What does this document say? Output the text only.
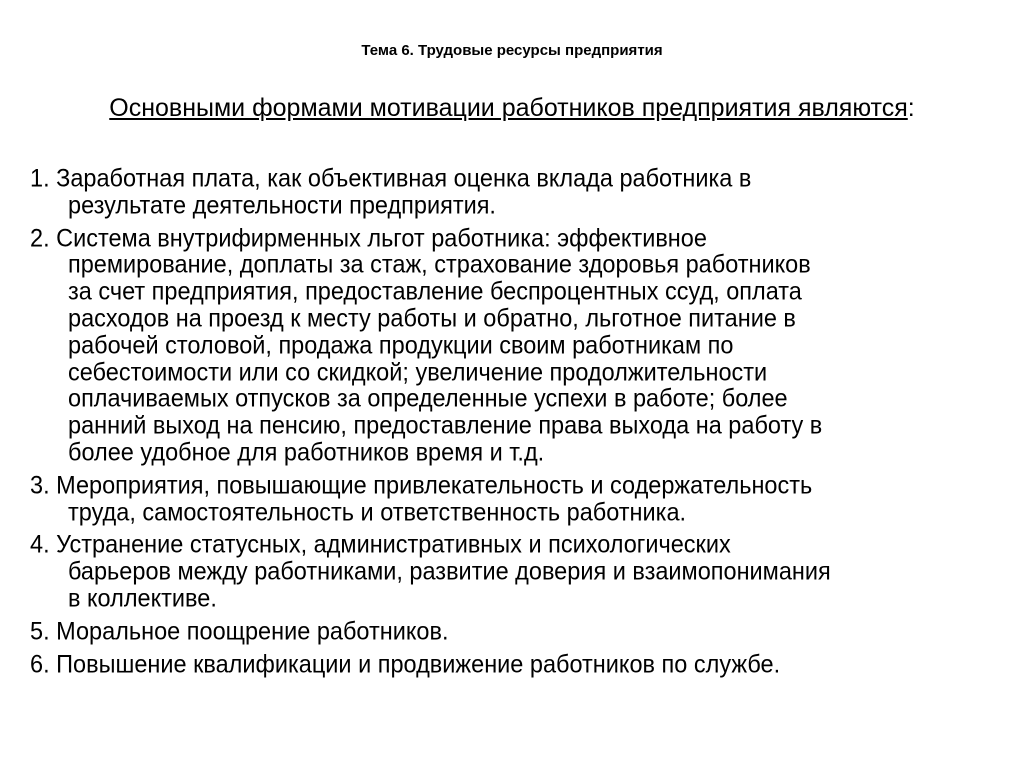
Тема 6. Трудовые ресурсы предприятия
Основными формами мотивации работников предприятия являются:
1. Заработная плата, как объективная оценка вклада работника в
результате деятельности предприятия.
2. Система внутрифирменных льгот работника: эффективное
премирование, доплаты за стаж, страхование здоровья работников
за счет предприятия, предоставление беспроцентных ссуд, оплата
расходов на проезд к месту работы и обратно, льготное питание в
рабочей столовой, продажа продукции своим работникам по
себестоимости или со скидкой; увеличение продолжительности
оплачиваемых отпусков за определенные успехи в работе; более
ранний выход на пенсию, предоставление права выхода на работу в
более удобное для работников время и т.д.
3. Мероприятия, повышающие привлекательность и содержательность
труда, самостоятельность и ответственность работника.
4. Устранение статусных, административных и психологических
барьеров между работниками, развитие доверия и взаимопонимания
в коллективе.
5. Моральное поощрение работников.
6. Повышение квалификации и продвижение работников по службе.
